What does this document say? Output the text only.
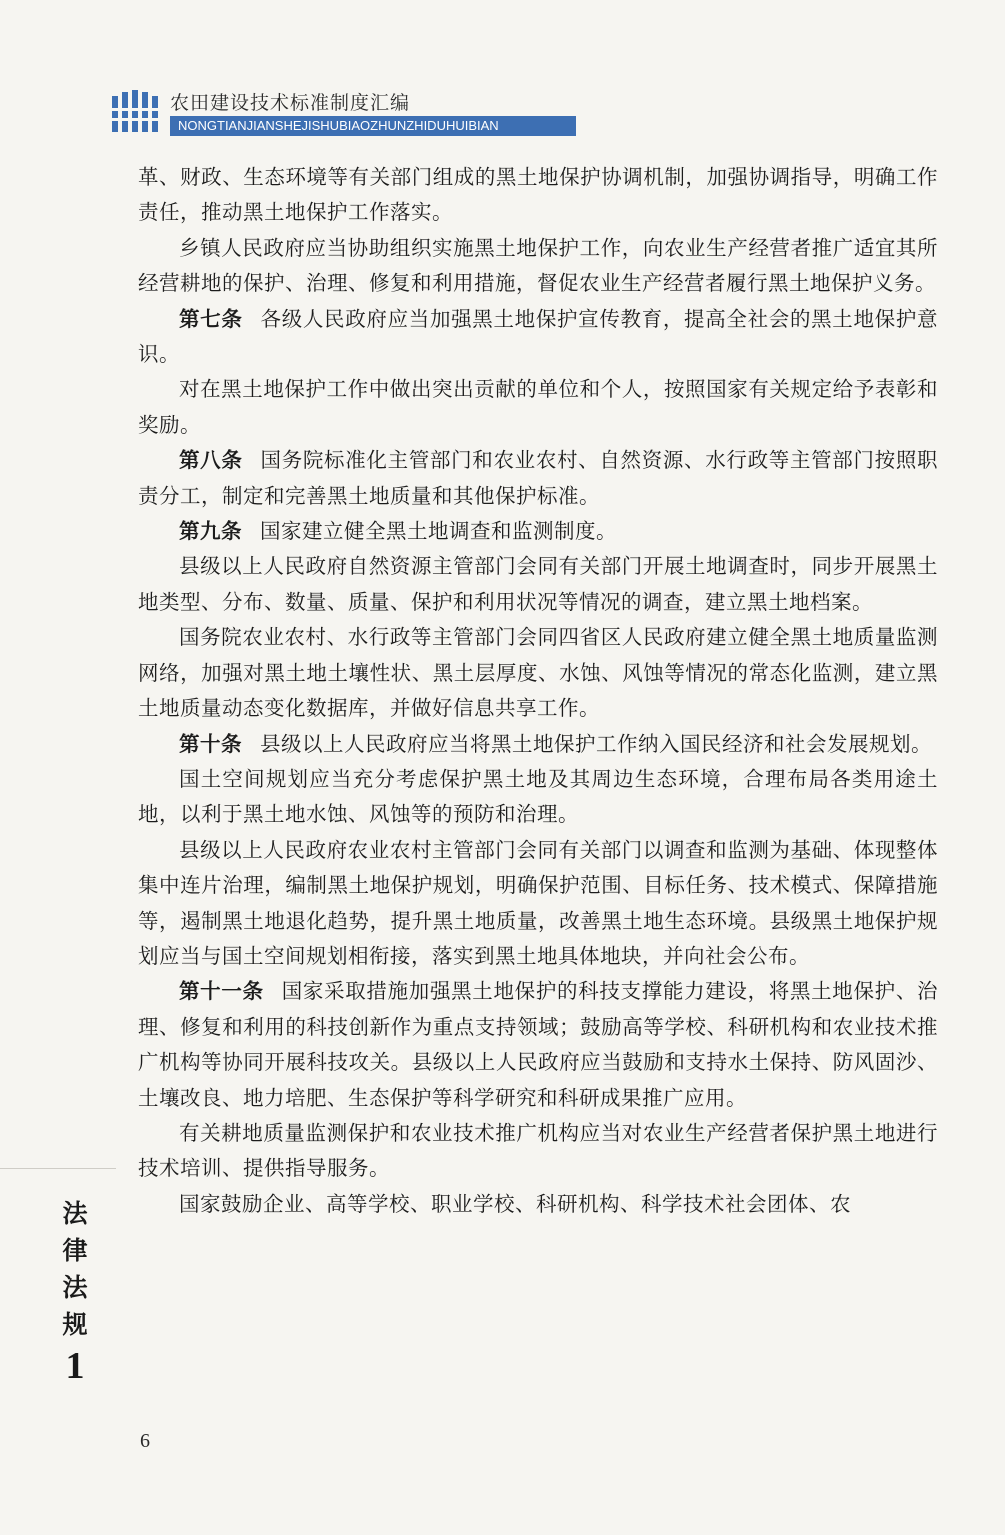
农田建设技术标准制度汇编
NONGTIANJIANSHEJISHUBIAOZHUNZHIDUHUIBIAN

革、财政、生态环境等有关部门组成的黑土地保护协调机制，加强协调指导，明确工作责任，推动黑土地保护工作落实。

乡镇人民政府应当协助组织实施黑土地保护工作，向农业生产经营者推广适宜其所经营耕地的保护、治理、修复和利用措施，督促农业生产经营者履行黑土地保护义务。

第七条 各级人民政府应当加强黑土地保护宣传教育，提高全社会的黑土地保护意识。

对在黑土地保护工作中做出突出贡献的单位和个人，按照国家有关规定给予表彰和奖励。

第八条 国务院标准化主管部门和农业农村、自然资源、水行政等主管部门按照职责分工，制定和完善黑土地质量和其他保护标准。

第九条 国家建立健全黑土地调查和监测制度。

县级以上人民政府自然资源主管部门会同有关部门开展土地调查时，同步开展黑土地类型、分布、数量、质量、保护和利用状况等情况的调查，建立黑土地档案。

国务院农业农村、水行政等主管部门会同四省区人民政府建立健全黑土地质量监测网络，加强对黑土地土壤性状、黑土层厚度、水蚀、风蚀等情况的常态化监测，建立黑土地质量动态变化数据库，并做好信息共享工作。

第十条 县级以上人民政府应当将黑土地保护工作纳入国民经济和社会发展规划。

国土空间规划应当充分考虑保护黑土地及其周边生态环境，合理布局各类用途土地，以利于黑土地水蚀、风蚀等的预防和治理。

县级以上人民政府农业农村主管部门会同有关部门以调查和监测为基础、体现整体集中连片治理，编制黑土地保护规划，明确保护范围、目标任务、技术模式、保障措施等，遏制黑土地退化趋势，提升黑土地质量，改善黑土地生态环境。县级黑土地保护规划应当与国土空间规划相衔接，落实到黑土地具体地块，并向社会公布。

第十一条 国家采取措施加强黑土地保护的科技支撑能力建设，将黑土地保护、治理、修复和利用的科技创新作为重点支持领域；鼓励高等学校、科研机构和农业技术推广机构等协同开展科技攻关。县级以上人民政府应当鼓励和支持水土保持、防风固沙、土壤改良、地力培肥、生态保护等科学研究和科研成果推广应用。

有关耕地质量监测保护和农业技术推广机构应当对农业生产经营者保护黑土地进行技术培训、提供指导服务。

国家鼓励企业、高等学校、职业学校、科研机构、科学技术社会团体、农

法
律
法
规
1
6
